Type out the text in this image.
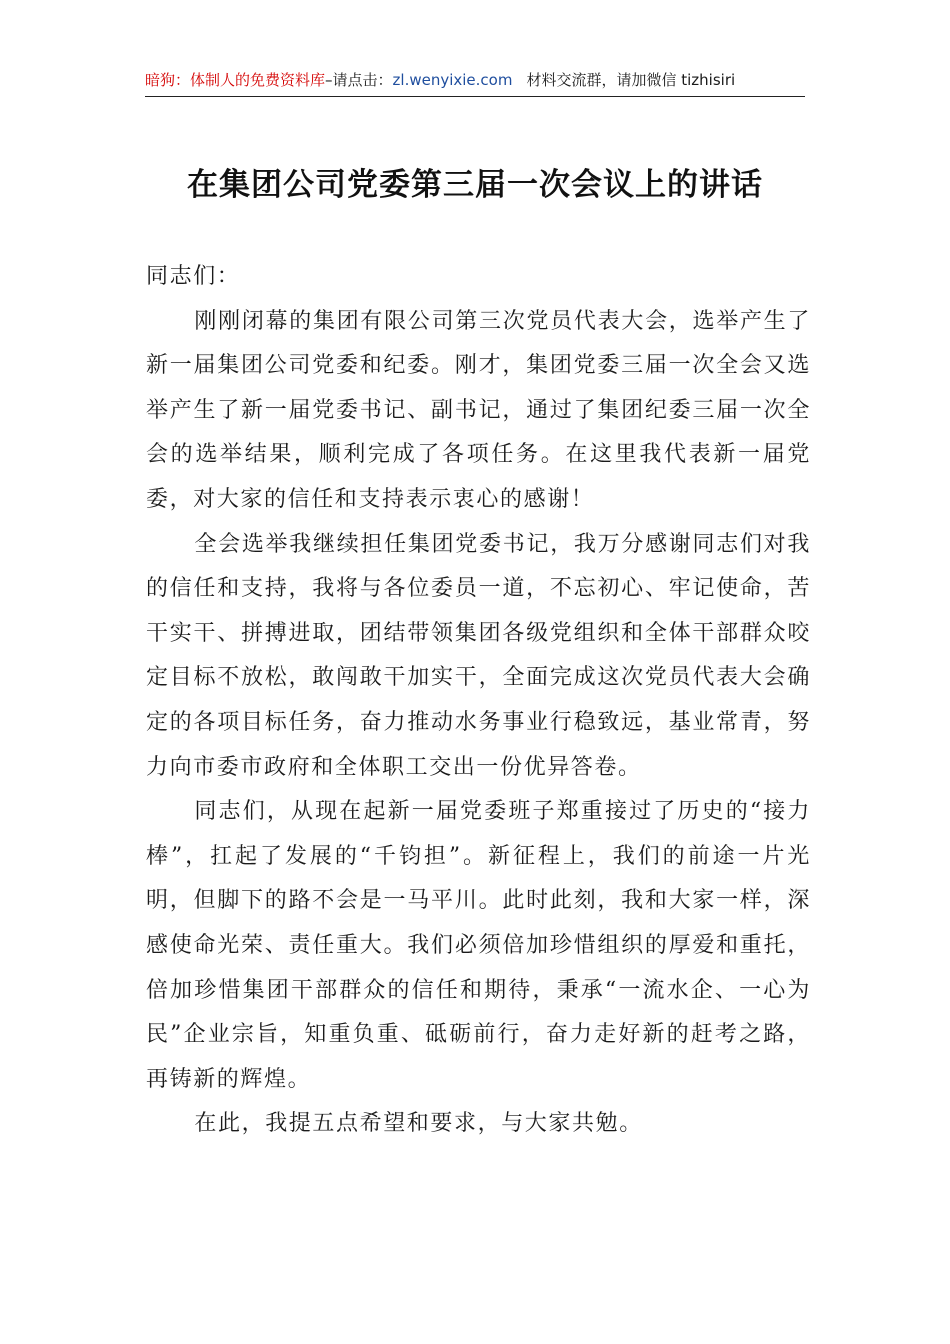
暗狗：体制人的免费资料库–请点击：zl.wenyixie.com 材料交流群，请加微信 tizhisiri
在集团公司党委第三届一次会议上的讲话

同志们：

刚刚闭幕的集团有限公司第三次党员代表大会，选举产生了新一届集团公司党委和纪委。刚才，集团党委三届一次全会又选举产生了新一届党委书记、副书记，通过了集团纪委三届一次全会的选举结果，顺利完成了各项任务。在这里我代表新一届党委，对大家的信任和支持表示衷心的感谢！

全会选举我继续担任集团党委书记，我万分感谢同志们对我的信任和支持，我将与各位委员一道，不忘初心、牢记使命，苦干实干、拼搏进取，团结带领集团各级党组织和全体干部群众咬定目标不放松，敢闯敢干加实干，全面完成这次党员代表大会确定的各项目标任务，奋力推动水务事业行稳致远，基业常青，努力向市委市政府和全体职工交出一份优异答卷。

同志们，从现在起新一届党委班子郑重接过了历史的“接力棒”，扛起了发展的“千钧担”。新征程上，我们的前途一片光明，但脚下的路不会是一马平川。此时此刻，我和大家一样，深感使命光荣、责任重大。我们必须倍加珍惜组织的厚爱和重托，倍加珍惜集团干部群众的信任和期待，秉承“一流水企、一心为民”企业宗旨，知重负重、砥砺前行，奋力走好新的赶考之路，再铸新的辉煌。

在此，我提五点希望和要求，与大家共勉。
